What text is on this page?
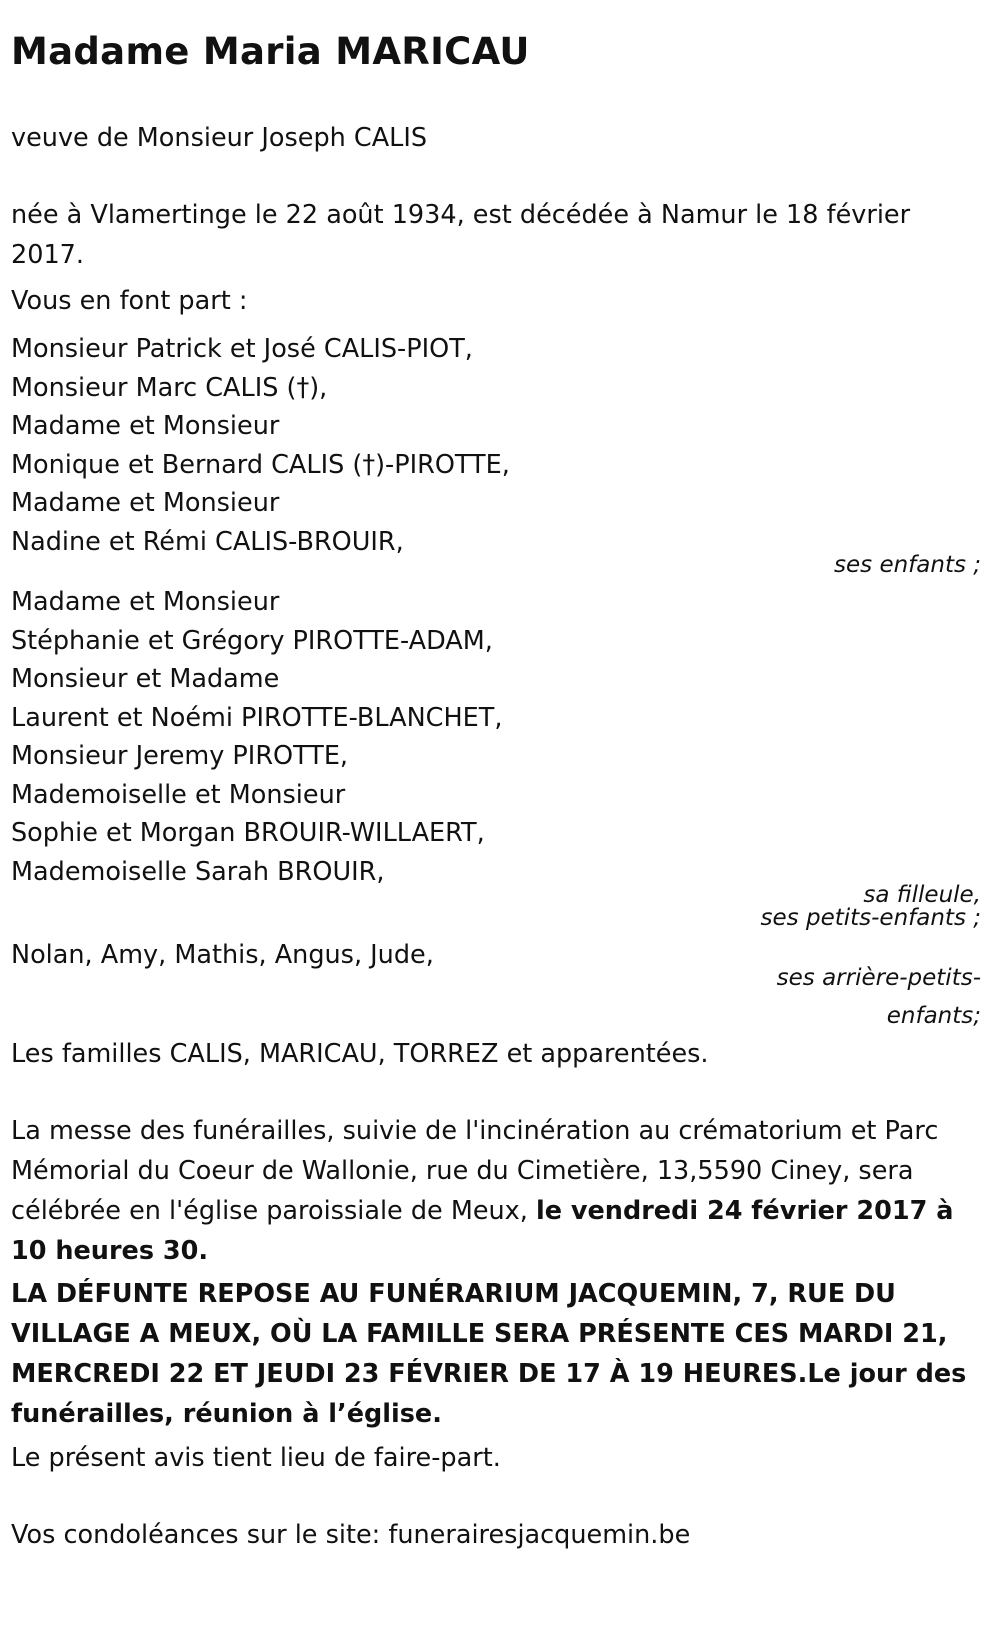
Madame Maria MARICAU
veuve de Monsieur Joseph CALIS
née à Vlamertinge le 22 août 1934, est décédée à Namur le 18 février 2017.
Vous en font part :
Monsieur Patrick et José CALIS-PIOT,
Monsieur Marc CALIS (†),
Madame et Monsieur
Monique et Bernard CALIS (†)-PIROTTE,
Madame et Monsieur
Nadine et Rémi CALIS-BROUIR,
ses enfants ;
Madame et Monsieur
Stéphanie et Grégory PIROTTE-ADAM,
Monsieur et Madame
Laurent et Noémi PIROTTE-BLANCHET,
Monsieur Jeremy PIROTTE,
Mademoiselle et Monsieur
Sophie et Morgan BROUIR-WILLAERT,
Mademoiselle Sarah BROUIR,
sa filleule,
ses petits-enfants ;
Nolan, Amy, Mathis, Angus, Jude,
ses arrière-petits-
enfants;
Les familles CALIS, MARICAU, TORREZ et apparentées.
La messe des funérailles, suivie de l'incinération au crématorium et Parc Mémorial du Coeur de Wallonie, rue du Cimetière, 13,5590 Ciney, sera célébrée en l'église paroissiale de Meux, le vendredi 24 février 2017 à 10 heures 30.
LA DÉFUNTE REPOSE AU FUNÉRARIUM JACQUEMIN, 7, RUE DU VILLAGE A MEUX, OÙ LA FAMILLE SERA PRÉSENTE CES MARDI 21, MERCREDI 22 ET JEUDI 23 FÉVRIER DE 17 À 19 HEURES.Le jour des funérailles, réunion à l’église.
Le présent avis tient lieu de faire-part.
Vos condoléances sur le site: funerairesjacquemin.be
